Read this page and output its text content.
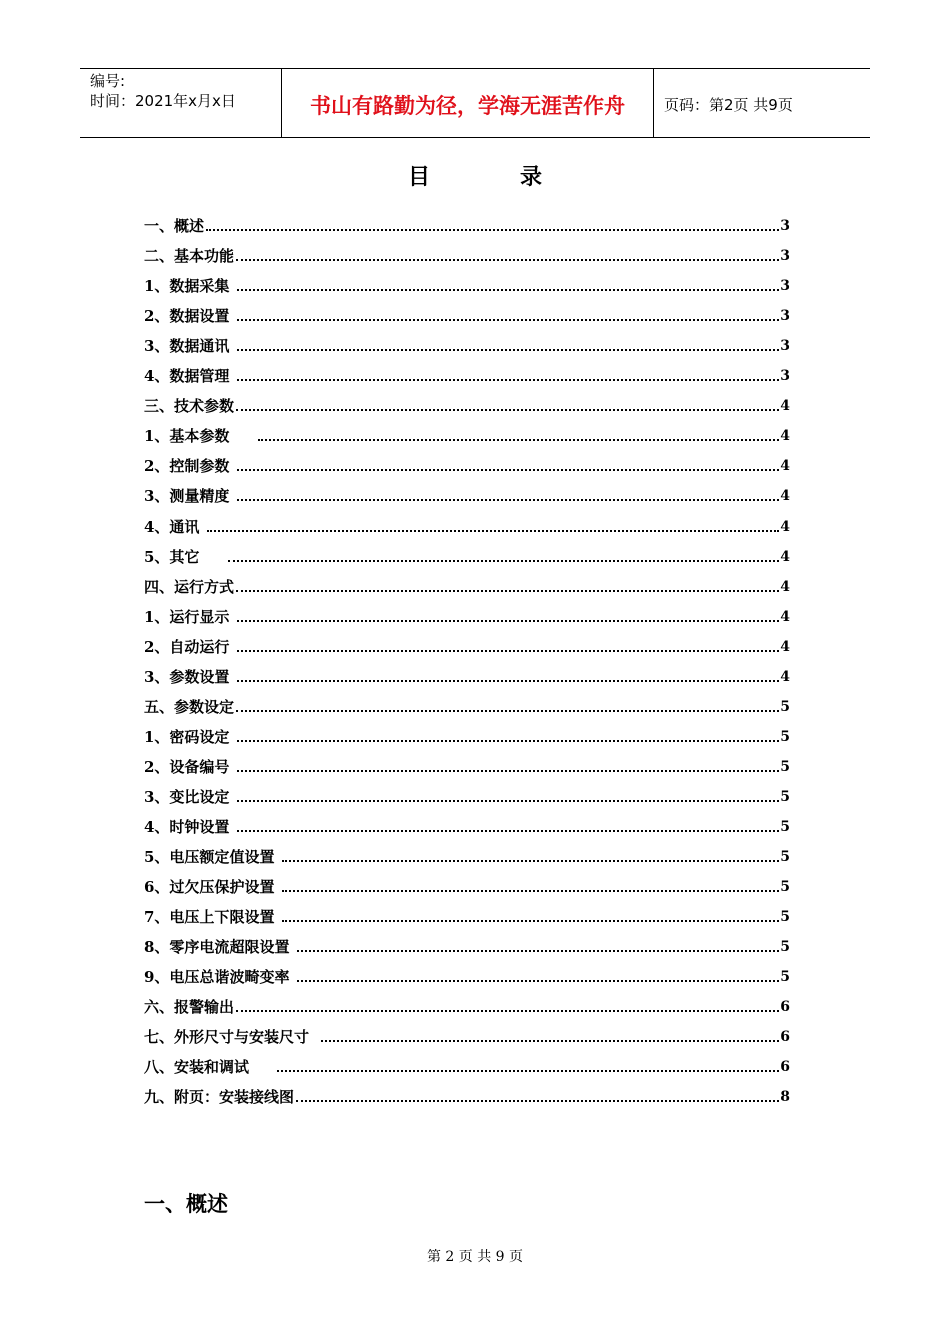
编号:
时间：2021年x月x日	书山有路勤为径，学海无涯苦作舟	页码：第2页 共9页
目	录
一、概述	3
二、基本功能	3
1、数据采集	3
2、数据设置	3
3、数据通讯	3
4、数据管理	3
三、技术参数	4
1、基本参数	4
2、控制参数	4
3、测量精度	4
4、通讯	4
5、其它	4
四、运行方式	4
1、运行显示	4
2、自动运行	4
3、参数设置	4
五、参数设定	5
1、密码设定	5
2、设备编号	5
3、变比设定	5
4、时钟设置	5
5、电压额定值设置	5
6、过欠压保护设置	5
7、电压上下限设置	5
8、零序电流超限设置	5
9、电压总谐波畸变率	5
六、报警输出	6
七、外形尺寸与安装尺寸	6
八、安装和调试	6
九、附页：安装接线图	8
一、概述
第 2 页 共 9 页
